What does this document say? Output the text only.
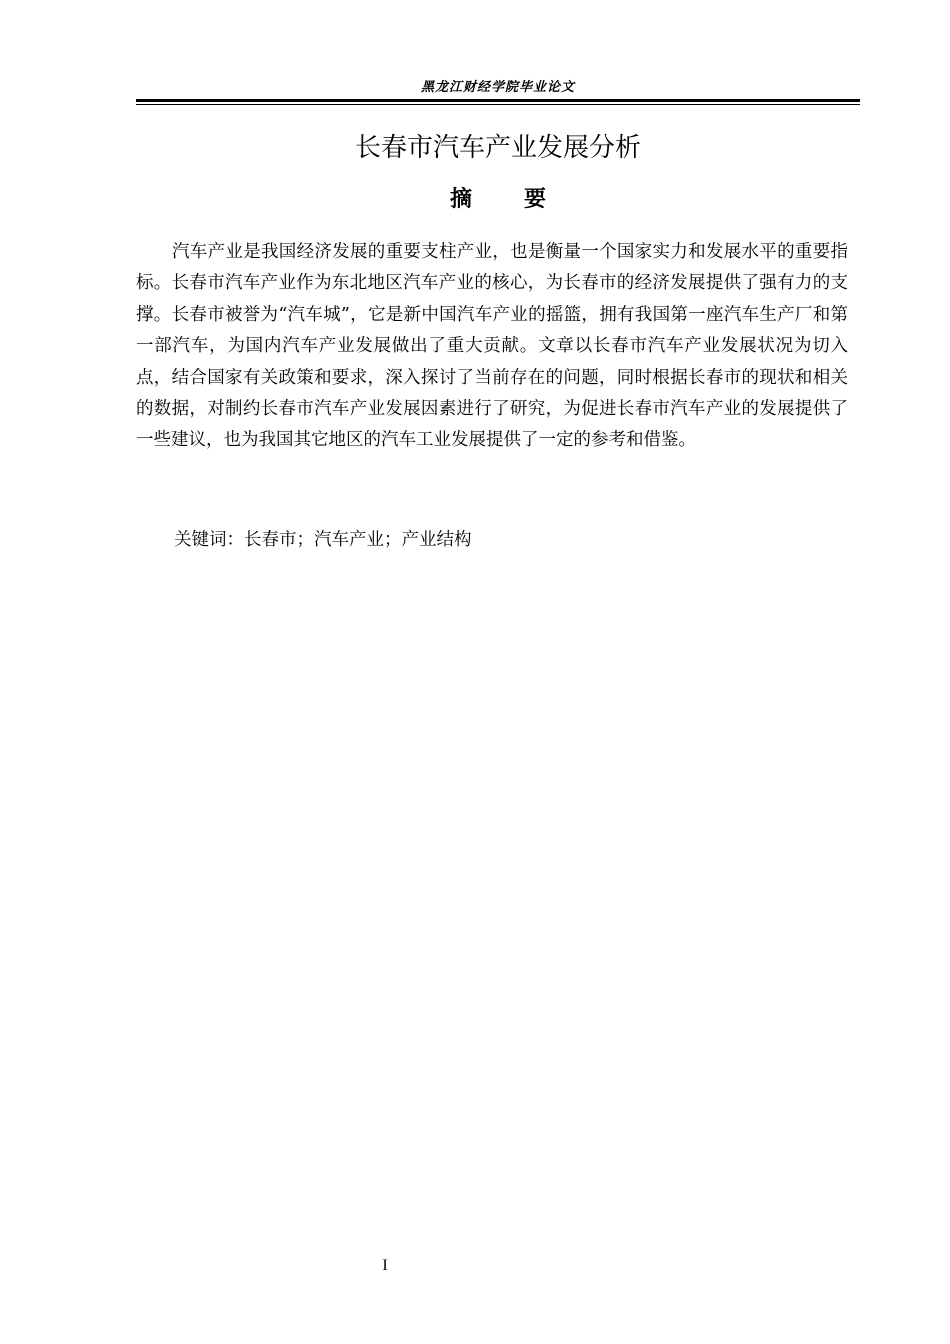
黑龙江财经学院毕业论文
长春市汽车产业发展分析
摘 要

汽车产业是我国经济发展的重要支柱产业，也是衡量一个国家实力和发展水平的重要指标。长春市汽车产业作为东北地区汽车产业的核心，为长春市的经济发展提供了强有力的支撑。长春市被誉为“汽车城”，它是新中国汽车产业的摇篮，拥有我国第一座汽车生产厂和第一部汽车，为国内汽车产业发展做出了重大贡献。文章以长春市汽车产业发展状况为切入点，结合国家有关政策和要求，深入探讨了当前存在的问题，同时根据长春市的现状和相关的数据，对制约长春市汽车产业发展因素进行了研究，为促进长春市汽车产业的发展提供了一些建议，也为我国其它地区的汽车工业发展提供了一定的参考和借鉴。

关键词：长春市；汽车产业；产业结构
I
